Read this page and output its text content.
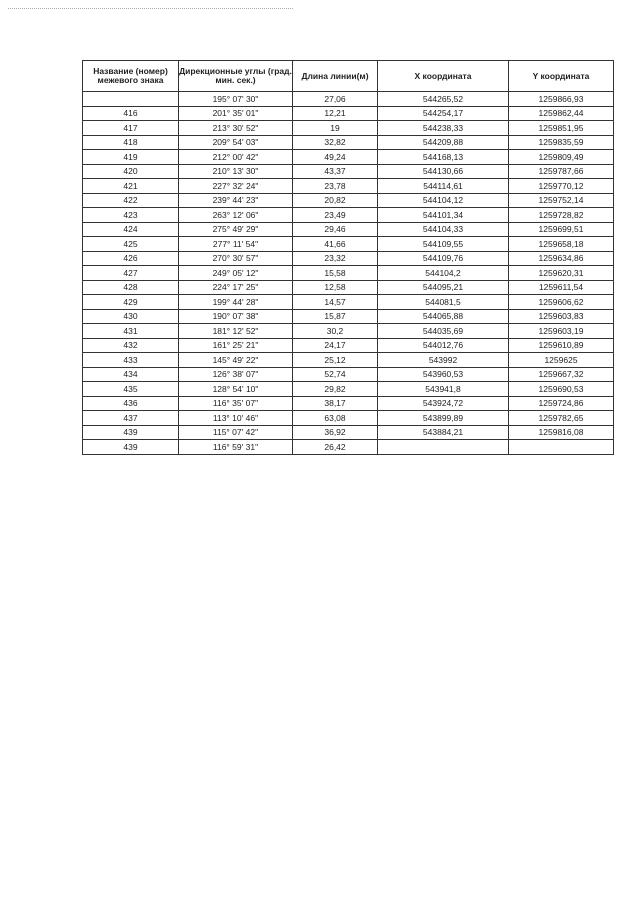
Название (номер) межевого знака	Дирекционные углы (град. мин. сек.)	Длина линии(м)	X координата	Y координата
	195° 07' 30"	27,06	544265,52	1259866,93
416	201° 35' 01"	12,21	544254,17	1259862,44
417	213° 30' 52"	19	544238,33	1259851,95
418	209° 54' 03"	32,82	544209,88	1259835,59
419	212° 00' 42"	49,24	544168,13	1259809,49
420	210° 13' 30"	43,37	544130,66	1259787,66
421	227° 32' 24"	23,78	544114,61	1259770,12
422	239° 44' 23"	20,82	544104,12	1259752,14
423	263° 12' 06"	23,49	544101,34	1259728,82
424	275° 49' 29"	29,46	544104,33	1259699,51
425	277° 11' 54"	41,66	544109,55	1259658,18
426	270° 30' 57"	23,32	544109,76	1259634,86
427	249° 05' 12"	15,58	544104,2	1259620,31
428	224° 17' 25"	12,58	544095,21	1259611,54
429	199° 44' 28"	14,57	544081,5	1259606,62
430	190° 07' 38"	15,87	544065,88	1259603,83
431	181° 12' 52"	30,2	544035,69	1259603,19
432	161° 25' 21"	24,17	544012,76	1259610,89
433	145° 49' 22"	25,12	543992	1259625
434	126° 38' 07"	52,74	543960,53	1259667,32
435	128° 54' 10"	29,82	543941,8	1259690,53
436	116° 35' 07"	38,17	543924,72	1259724,86
437	113° 10' 46"	63,08	543899,89	1259782,65
439	115° 07' 42"	36,92	543884,21	1259816,08
439	116° 59' 31"	26,42		
